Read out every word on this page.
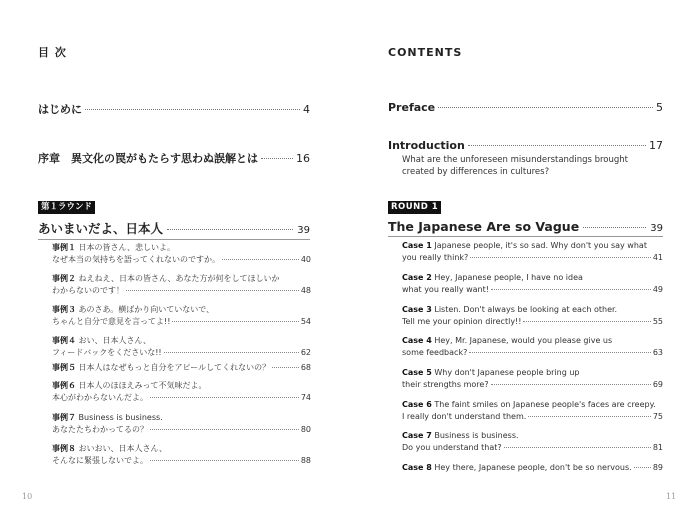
目 次
はじめに	4
序章　異文化の罠がもたらす思わぬ誤解とは	16
第１ラウンド
あいまいだよ、日本人	39
事例１ 日本の皆さん、悲しいよ。
なぜ本当の気持ちを語ってくれないのですか。	40
事例２ ねえねえ、日本の皆さん、あなた方が何をしてほしいか
わからないのです！	48
事例３ あのさあ。横ばかり向いていないで、
ちゃんと自分で意見を言ってよ!!	54
事例４ おい、日本人さん、
フィードバックをくださいな!!	62
事例５ 日本人はなぜもっと自分をアピールしてくれないの？	68
事例６ 日本人のほほえみって不気味だよ。
本心がわからないんだよ。	74
事例７ Business is business.
あなたたちわかってるの？	80
事例８ おいおい、日本人さん、
そんなに緊張しないでよ。	88
10
CONTENTS
Preface	5
Introduction	17
What are the unforeseen misunderstandings brought
created by differences in cultures?
ROUND 1
The Japanese Are so Vague	39
Case 1 Japanese people, it's so sad. Why don't you say what
you really think?	41
Case 2 Hey, Japanese people, I have no idea
what you really want!	49
Case 3 Listen. Don't always be looking at each other.
Tell me your opinion directly!!	55
Case 4 Hey, Mr. Japanese, would you please give us
some feedback?	63
Case 5 Why don't Japanese people bring up
their strengths more?	69
Case 6 The faint smiles on Japanese people's faces are creepy.
I really don't understand them.	75
Case 7 Business is business.
Do you understand that?	81
Case 8 Hey there, Japanese people, don't be so nervous.	89
11
